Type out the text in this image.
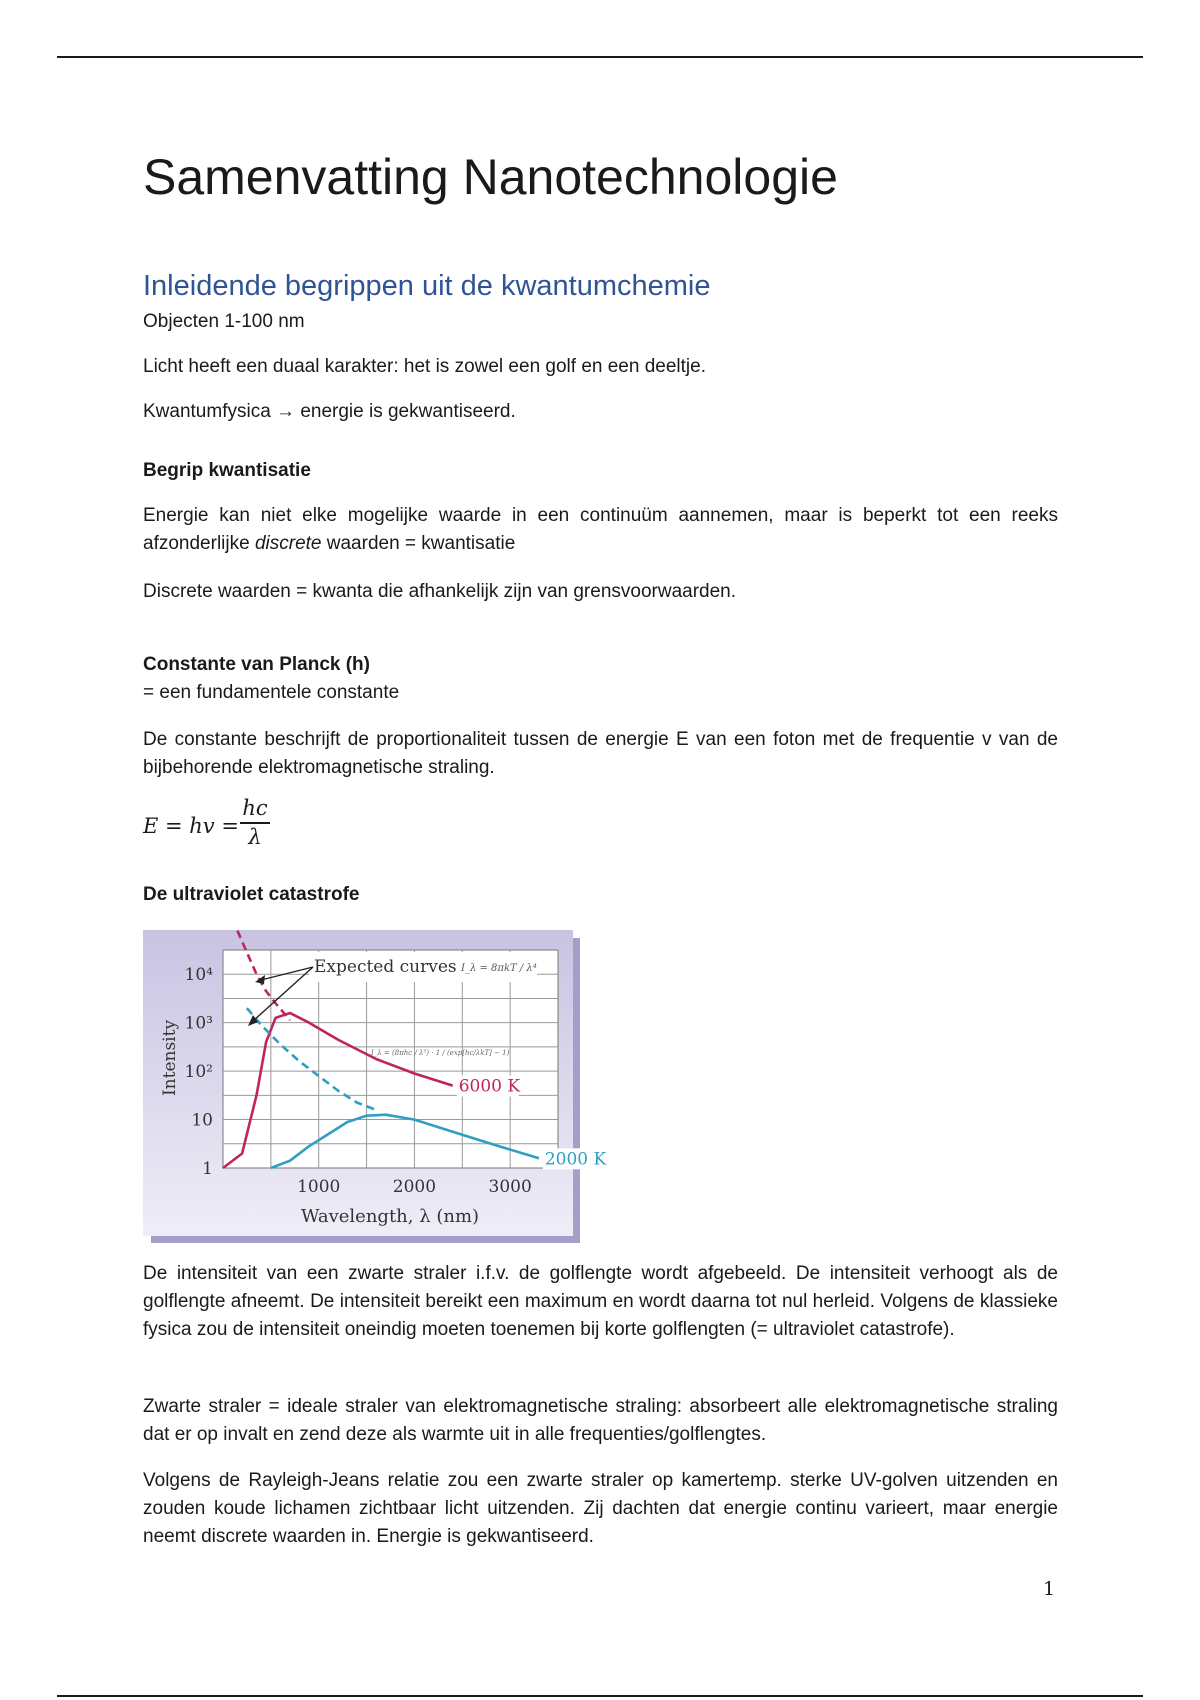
Samenvatting Nanotechnologie
Inleidende begrippen uit de kwantumchemie
Objecten 1-100 nm
Licht heeft een duaal karakter: het is zowel een golf en een deeltje.
Kwantumfysica → energie is gekwantiseerd.
Begrip kwantisatie
Energie kan niet elke mogelijke waarde in een continuüm aannemen, maar is beperkt tot een reeks afzonderlijke discrete waarden = kwantisatie
Discrete waarden = kwanta die afhankelijk zijn van grensvoorwaarden.
Constante van Planck (h)
= een fundamentele constante
De constante beschrijft de proportionaliteit tussen de energie E van een foton met de frequentie v van de bijbehorende elektromagnetische straling.
E = hv =
hc
λ
De ultraviolet catastrofe
De intensiteit van een zwarte straler i.f.v. de golflengte wordt afgebeeld. De intensiteit verhoogt als de golflengte afneemt. De intensiteit bereikt een maximum en wordt daarna tot nul herleid. Volgens de klassieke fysica zou de intensiteit oneindig moeten toenemen bij korte golflengten (= ultraviolet catastrofe).
Zwarte straler = ideale straler van elektromagnetische straling: absorbeert alle elektromagnetische straling dat er op invalt en zend deze als warmte uit in alle frequenties/golflengtes.
Volgens de Rayleigh-Jeans relatie zou een zwarte straler op kamertemp. sterke UV-golven uitzenden en zouden koude lichamen zichtbaar licht uitzenden. Zij dachten dat energie continu varieert, maar energie neemt discrete waarden in. Energie is gekwantiseerd.
6000 K
2000 K
1000	2000	3000
1
10
10²
10³
10⁴
Intensity
Wavelength, λ (nm)
Expected curves I_λ = 8πkT / λ⁴
I_λ = (8πhc / λ⁵) · 1 / (exp[hc/λkT] − 1)
1
